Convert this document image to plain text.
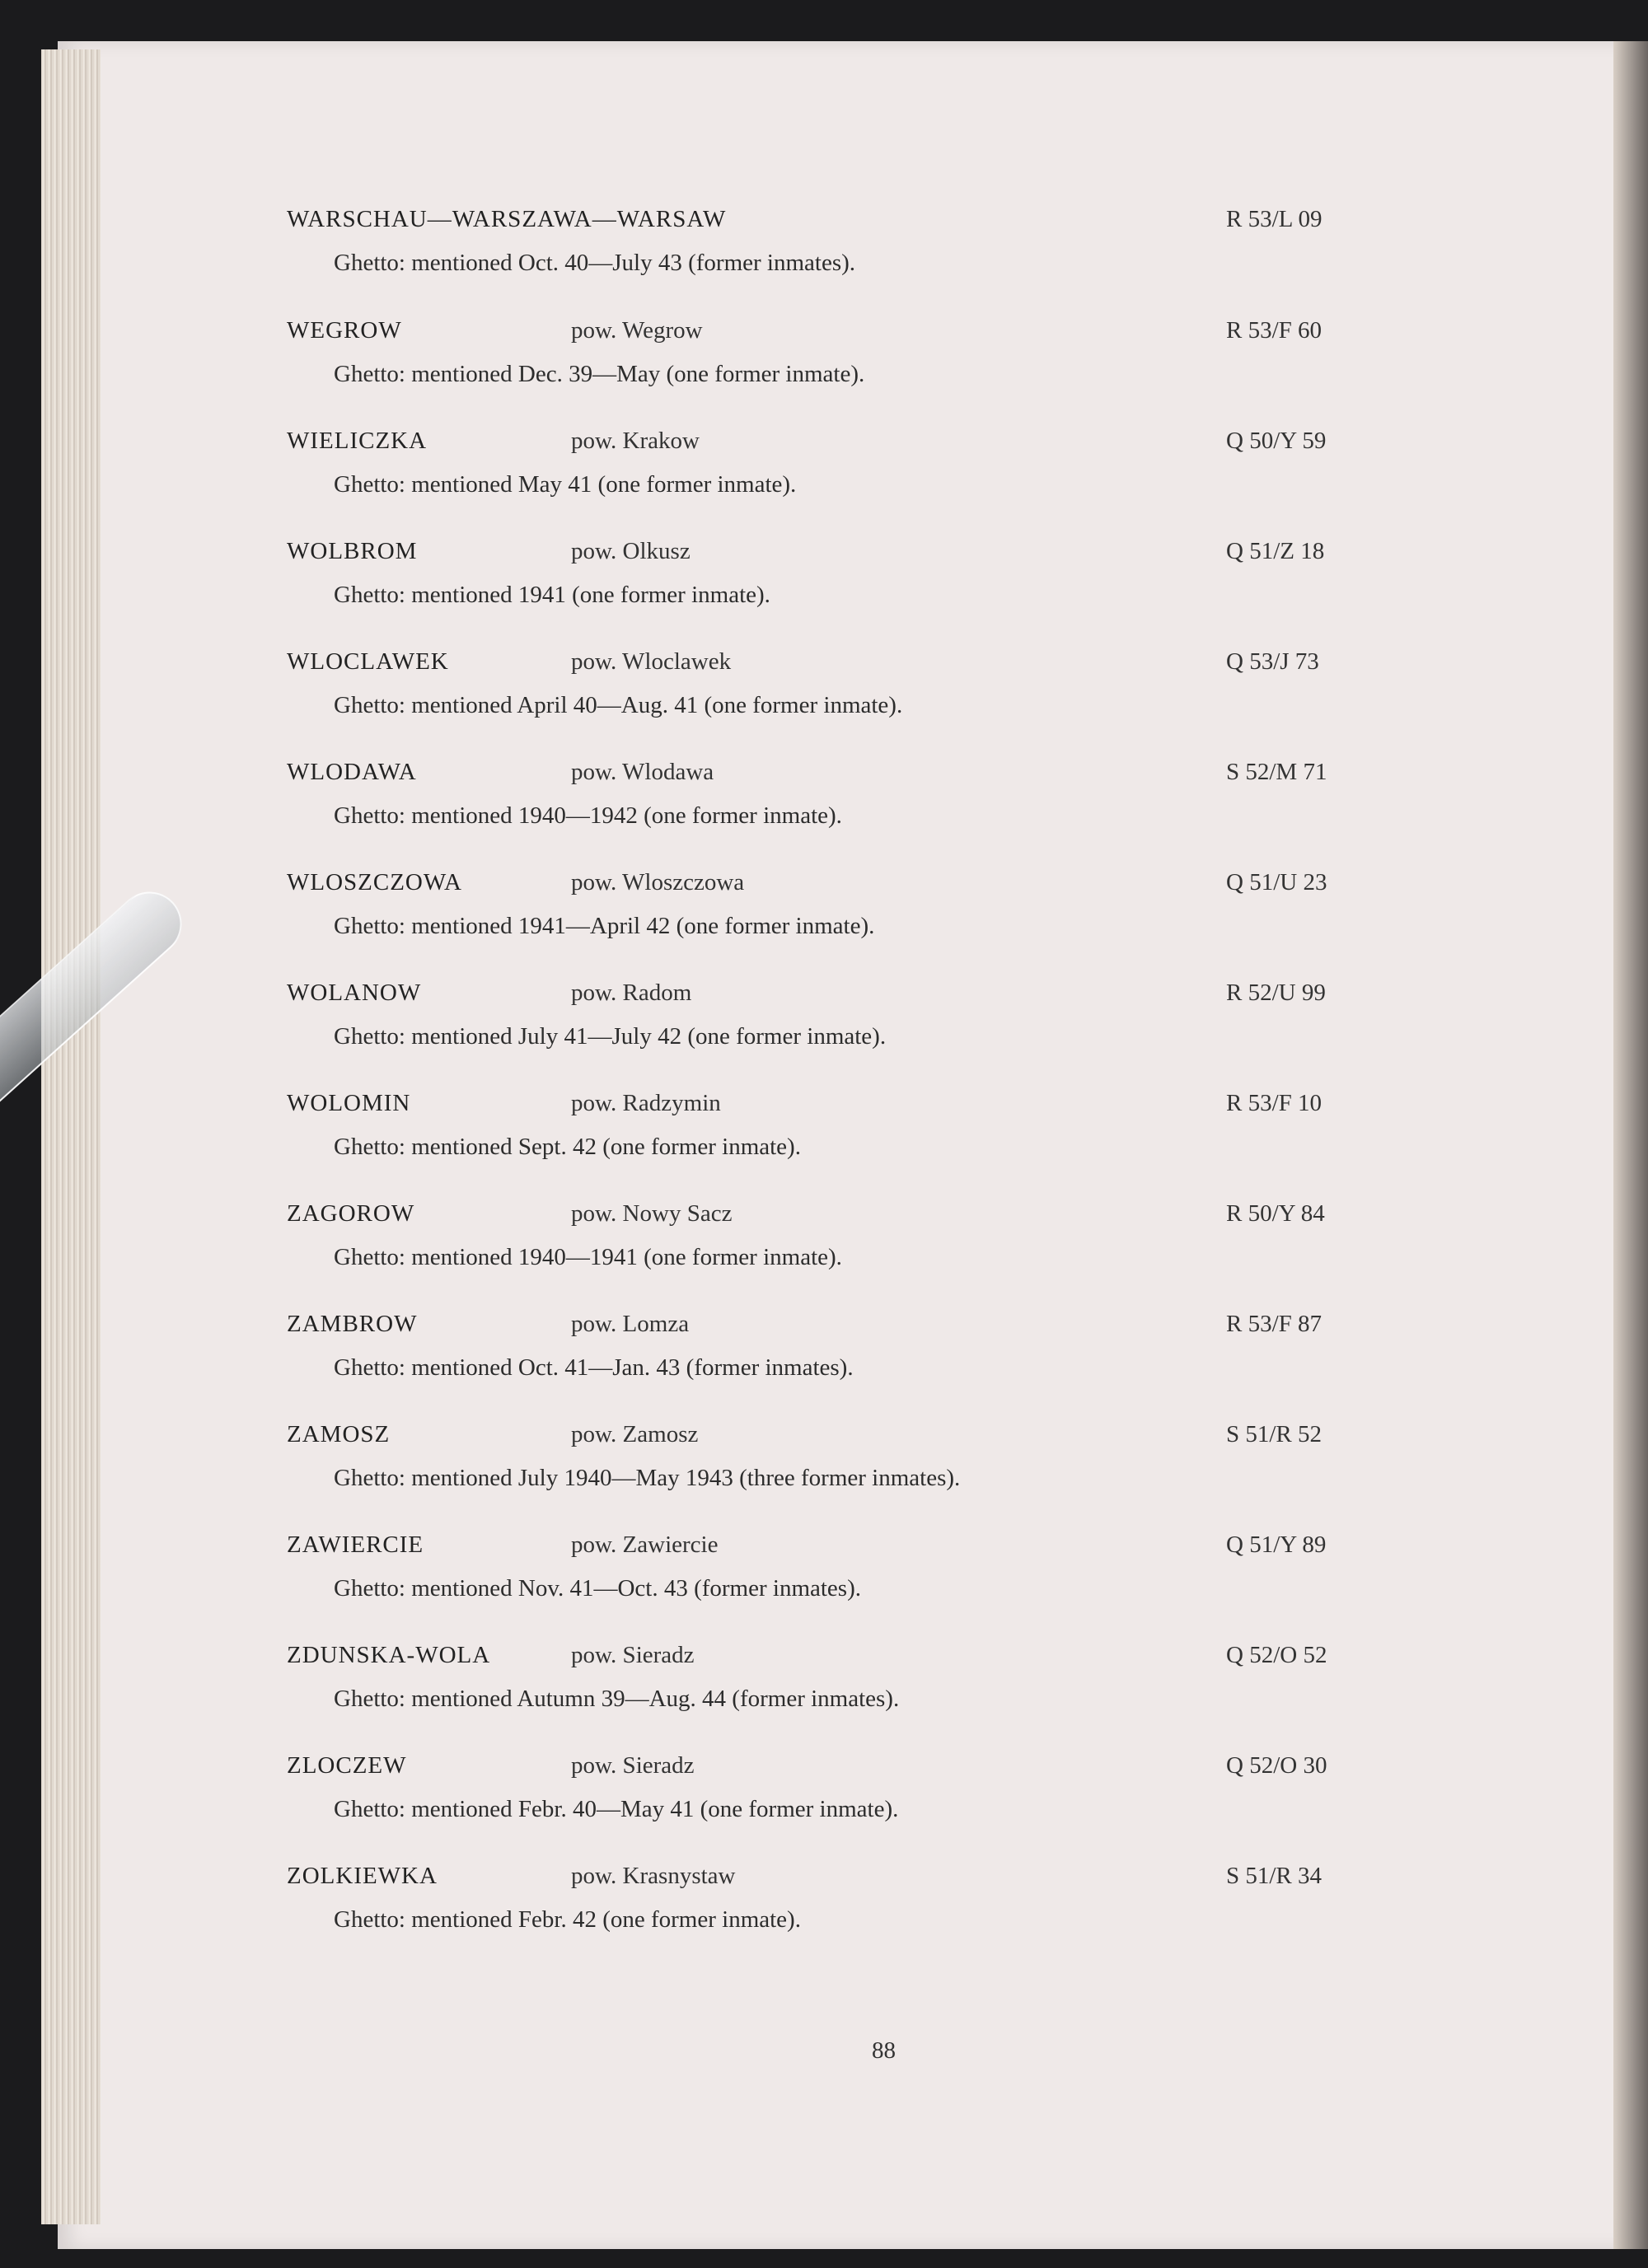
WARSCHAU—WARSZAWA—WARSAW	R 53/L 09
Ghetto: mentioned Oct. 40—July 43 (former inmates).
WEGROW	pow. Wegrow	R 53/F 60
Ghetto: mentioned Dec. 39—May (one former inmate).
WIELICZKA	pow. Krakow	Q 50/Y 59
Ghetto: mentioned May 41 (one former inmate).
WOLBROM	pow. Olkusz	Q 51/Z 18
Ghetto: mentioned 1941 (one former inmate).
WLOCLAWEK	pow. Wloclawek	Q 53/J 73
Ghetto: mentioned April 40—Aug. 41 (one former inmate).
WLODAWA	pow. Wlodawa	S 52/M 71
Ghetto: mentioned 1940—1942 (one former inmate).
WLOSZCZOWA	pow. Wloszczowa	Q 51/U 23
Ghetto: mentioned 1941—April 42 (one former inmate).
WOLANOW	pow. Radom	R 52/U 99
Ghetto: mentioned July 41—July 42 (one former inmate).
WOLOMIN	pow. Radzymin	R 53/F 10
Ghetto: mentioned Sept. 42 (one former inmate).
ZAGOROW	pow. Nowy Sacz	R 50/Y 84
Ghetto: mentioned 1940—1941 (one former inmate).
ZAMBROW	pow. Lomza	R 53/F 87
Ghetto: mentioned Oct. 41—Jan. 43 (former inmates).
ZAMOSZ	pow. Zamosz	S 51/R 52
Ghetto: mentioned July 1940—May 1943 (three former inmates).
ZAWIERCIE	pow. Zawiercie	Q 51/Y 89
Ghetto: mentioned Nov. 41—Oct. 43 (former inmates).
ZDUNSKA-WOLA	pow. Sieradz	Q 52/O 52
Ghetto: mentioned Autumn 39—Aug. 44 (former inmates).
ZLOCZEW	pow. Sieradz	Q 52/O 30
Ghetto: mentioned Febr. 40—May 41 (one former inmate).
ZOLKIEWKA	pow. Krasnystaw	S 51/R 34
Ghetto: mentioned Febr. 42 (one former inmate).
88
